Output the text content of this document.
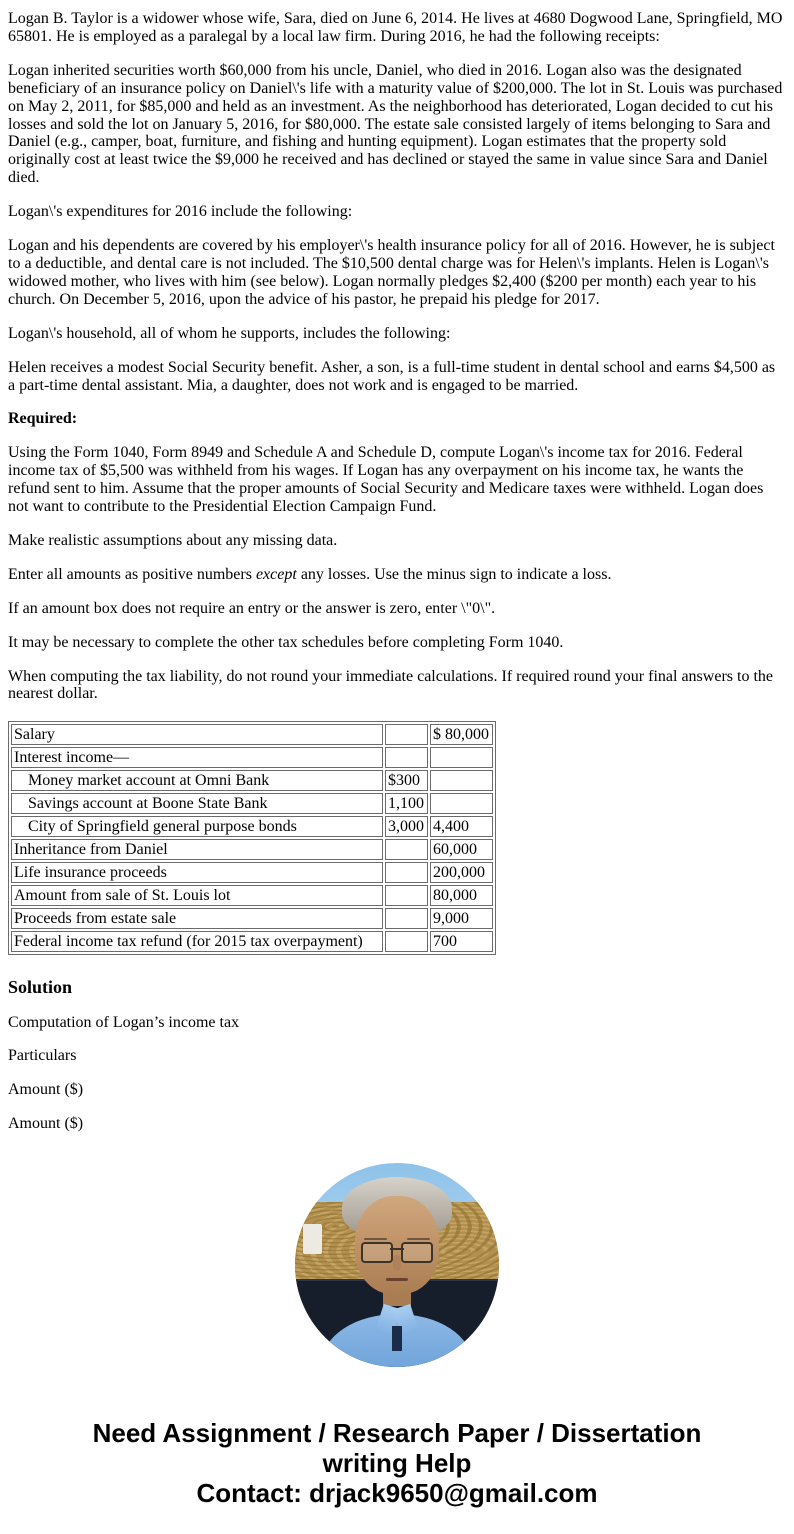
Logan B. Taylor is a widower whose wife, Sara, died on June 6, 2014. He lives at 4680 Dogwood Lane, Springfield, MO 65801. He is employed as a paralegal by a local law firm. During 2016, he had the following receipts:

Logan inherited securities worth $60,000 from his uncle, Daniel, who died in 2016. Logan also was the designated beneficiary of an insurance policy on Daniel\'s life with a maturity value of $200,000. The lot in St. Louis was purchased on May 2, 2011, for $85,000 and held as an investment. As the neighborhood has deteriorated, Logan decided to cut his losses and sold the lot on January 5, 2016, for $80,000. The estate sale consisted largely of items belonging to Sara and Daniel (e.g., camper, boat, furniture, and fishing and hunting equipment). Logan estimates that the property sold originally cost at least twice the $9,000 he received and has declined or stayed the same in value since Sara and Daniel died.

Logan\'s expenditures for 2016 include the following:

Logan and his dependents are covered by his employer\'s health insurance policy for all of 2016. However, he is subject to a deductible, and dental care is not included. The $10,500 dental charge was for Helen\'s implants. Helen is Logan\'s widowed mother, who lives with him (see below). Logan normally pledges $2,400 ($200 per month) each year to his church. On December 5, 2016, upon the advice of his pastor, he prepaid his pledge for 2017.

Logan\'s household, all of whom he supports, includes the following:

Helen receives a modest Social Security benefit. Asher, a son, is a full-time student in dental school and earns $4,500 as a part-time dental assistant. Mia, a daughter, does not work and is engaged to be married.

Required:

Using the Form 1040, Form 8949 and Schedule A and Schedule D, compute Logan\'s income tax for 2016. Federal income tax of $5,500 was withheld from his wages. If Logan has any overpayment on his income tax, he wants the refund sent to him. Assume that the proper amounts of Social Security and Medicare taxes were withheld. Logan does not want to contribute to the Presidential Election Campaign Fund.

Make realistic assumptions about any missing data.

Enter all amounts as positive numbers except any losses. Use the minus sign to indicate a loss.

If an amount box does not require an entry or the answer is zero, enter \"0\".

It may be necessary to complete the other tax schedules before completing Form 1040.

When computing the tax liability, do not round your immediate calculations. If required round your final answers to the nearest dollar.

Salary		$ 80,000
Interest income—		
Money market account at Omni Bank	$300	
Savings account at Boone State Bank	1,100	
City of Springfield general purpose bonds	3,000	4,400
Inheritance from Daniel		60,000
Life insurance proceeds		200,000
Amount from sale of St. Louis lot		80,000
Proceeds from estate sale		9,000
Federal income tax refund (for 2015 tax overpayment)		700
Solution

Computation of Logan’s income tax

Particulars

Amount ($)

Amount ($)

Need Assignment / Research Paper / Dissertation writing Help
Contact: drjack9650@gmail.com
